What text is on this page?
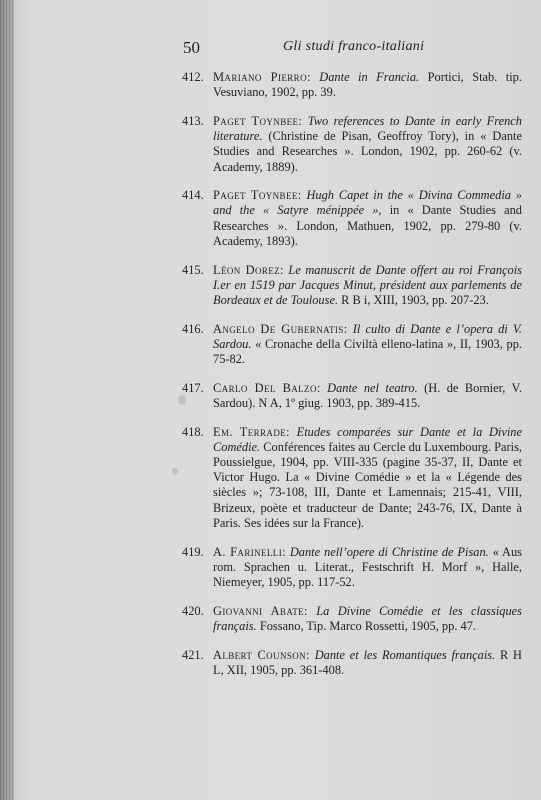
50	Gli studi franco-italiani
412. Mariano Pierro: Dante in Francia. Portici, Stab. tip. Vesuviano, 1902, pp. 39.
413. Paget Toynbee: Two references to Dante in early French literature. (Christine de Pisan, Geoffroy Tory), in « Dante Studies and Researches ». London, 1902, pp. 260-62 (v. Academy, 1889).
414. Paget Toynbee: Hugh Capet in the « Divina Commedia » and the « Satyre ménippée », in « Dante Studies and Researches ». London, Mathuen, 1902, pp. 279-80 (v. Academy, 1893).
415. Léon Dorez: Le manuscrit de Dante offert au roi François I.er en 1519 par Jacques Minut, président aux parlements de Bordeaux et de Toulouse. R B i, XIII, 1903, pp. 207-23.
416. Angelo De Gubernatis: Il culto di Dante e l’opera di V. Sardou. « Cronache della Civiltà elleno-latina », II, 1903, pp. 75-82.
417. Carlo Del Balzo: Dante nel teatro. (H. de Bornier, V. Sardou). N A, 1º giug. 1903, pp. 389-415.
418. Em. Terrade: Etudes comparées sur Dante et la Divine Comédie. Conférences faites au Cercle du Luxembourg. Paris, Poussielgue, 1904, pp. VIII-335 (pagine 35-37, II, Dante et Victor Hugo. La « Divine Comédie » et la « Légende des siècles »; 73-108, III, Dante et Lamennais; 215-41, VIII, Brizeux, poète et traducteur de Dante; 243-76, IX, Dante à Paris. Ses idées sur la France).
419. A. Farinelli: Dante nell’opere di Christine de Pisan. « Aus rom. Sprachen u. Literat., Festschrift H. Morf », Halle, Niemeyer, 1905, pp. 117-52.
420. Giovanni Abate: La Divine Comédie et les classiques français. Fossano, Tip. Marco Rossetti, 1905, pp. 47.
421. Albert Counson: Dante et les Romantiques français. R H L, XII, 1905, pp. 361-408.
